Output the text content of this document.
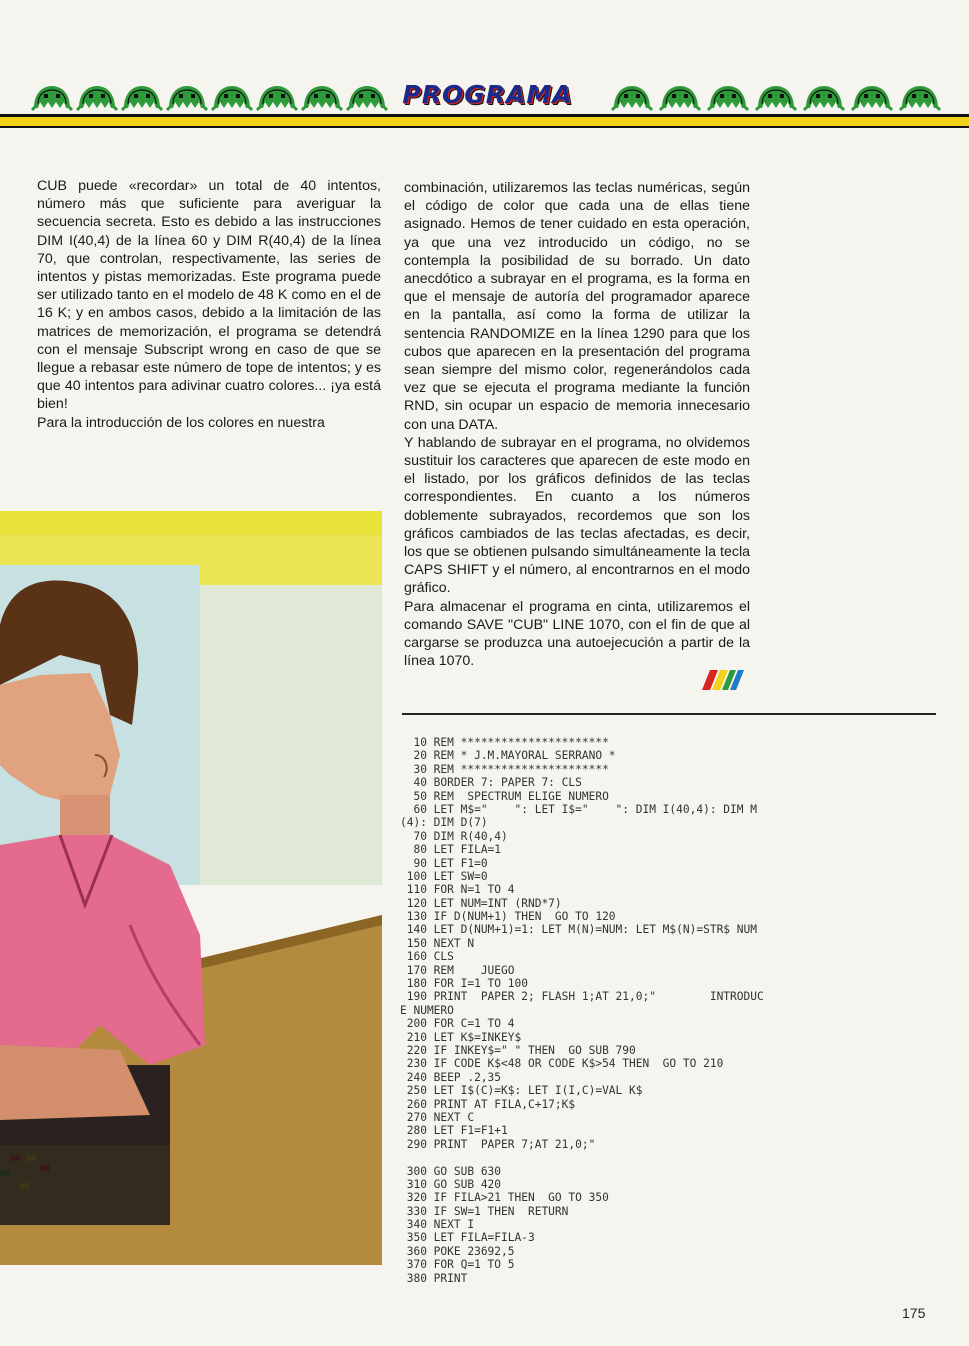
PROGRAMA

CUB puede «recordar» un total de 40 intentos, número más que suficiente para averiguar la secuencia secreta. Esto es debido a las instrucciones DIM I(40,4) de la línea 60 y DIM R(40,4) de la línea 70, que controlan, respectivamente, las series de intentos y pistas memorizadas. Este programa puede ser utilizado tanto en el modelo de 48 K como en el de 16 K; y en ambos casos, debido a la limitación de las matrices de memorización, el programa se detendrá con el mensaje Subscript wrong en caso de que se llegue a rebasar este número de tope de intentos; y es que 40 intentos para adivinar cuatro colores... ¡ya está bien!

Para la introducción de los colores en nuestra

combinación, utilizaremos las teclas numéricas, según el código de color que cada una de ellas tiene asignado. Hemos de tener cuidado en esta operación, ya que una vez introducido un código, no se contempla la posibilidad de su borrado. Un dato anecdótico a subrayar en el programa, es la forma en que el mensaje de autoría del programador aparece en la pantalla, así como la forma de utilizar la sentencia RANDOMIZE en la línea 1290 para que los cubos que aparecen en la presentación del programa sean siempre del mismo color, regenerándolos cada vez que se ejecuta el programa mediante la función RND, sin ocupar un espacio de memoria innecesario con una DATA.

Y hablando de subrayar en el programa, no olvidemos sustituir los caracteres que aparecen de este modo en el listado, por los gráficos definidos de las teclas correspondientes. En cuanto a los números doblemente subrayados, recordemos que son los gráficos cambiados de las teclas afectadas, es decir, los que se obtienen pulsando simultáneamente la tecla CAPS SHIFT y el número, al encontrarnos en el modo gráfico.

Para almacenar el programa en cinta, utilizaremos el comando SAVE "CUB" LINE 1070, con el fin de que al cargarse se produzca una autoejecución a partir de la línea 1070.

10 REM **********************
20 REM * J.M.MAYORAL SERRANO *
30 REM **********************
40 BORDER 7: PAPER 7: CLS
50 REM  SPECTRUM ELIGE NUMERO
60 LET M$="    ": LET I$="    ": DIM I(40,4): DIM M
(4): DIM D(7)
70 DIM R(40,4)
80 LET FILA=1
90 LET F1=0
100 LET SW=0
110 FOR N=1 TO 4
120 LET NUM=INT (RND*7)
130 IF D(NUM+1) THEN  GO TO 120
140 LET D(NUM+1)=1: LET M(N)=NUM: LET M$(N)=STR$ NUM
150 NEXT N
160 CLS
170 REM    JUEGO
180 FOR I=1 TO 100
190 PRINT  PAPER 2; FLASH 1;AT 21,0;"        INTRODUC
E NUMERO
200 FOR C=1 TO 4
210 LET K$=INKEY$
220 IF INKEY$=" " THEN  GO SUB 790
230 IF CODE K$<48 OR CODE K$>54 THEN  GO TO 210
240 BEEP .2,35
250 LET I$(C)=K$: LET I(I,C)=VAL K$
260 PRINT AT FILA,C+17;K$
270 NEXT C
280 LET F1=F1+1
290 PRINT  PAPER 7;AT 21,0;"
300 GO SUB 630
310 GO SUB 420
320 IF FILA>21 THEN  GO TO 350
330 IF SW=1 THEN  RETURN
340 NEXT I
350 LET FILA=FILA-3
360 POKE 23692,5
370 FOR Q=1 TO 5
380 PRINT
175
